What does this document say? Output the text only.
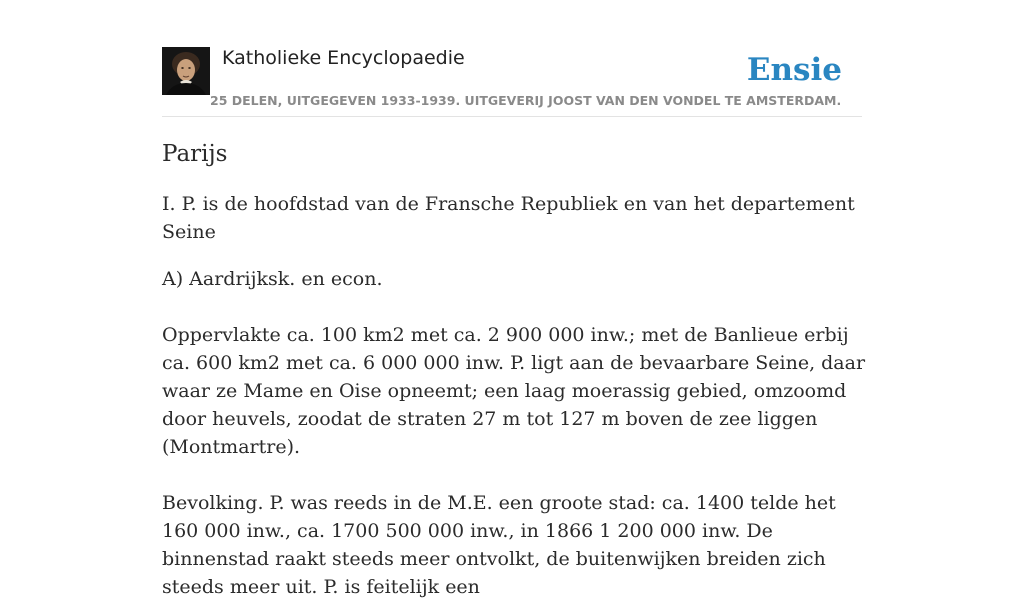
Katholieke Encyclopaedie	Ensie
25 DELEN, UITGEGEVEN 1933-1939. UITGEVERIJ JOOST VAN DEN VONDEL TE AMSTERDAM.
Parijs

I. P. is de hoofdstad van de Fransche Republiek en van het departement Seine

A) Aardrijksk. en econ.

Oppervlakte ca. 100 km2 met ca. 2 900 000 inw.; met de Banlieue erbij ca. 600 km2 met ca. 6 000 000 inw. P. ligt aan de bevaarbare Seine, daar waar ze Mame en Oise opneemt; een laag moerassig gebied, omzoomd door heuvels, zoodat de straten 27 m tot 127 m boven de zee liggen (Montmartre).

Bevolking. P. was reeds in de M.E. een groote stad: ca. 1400 telde het 160 000 inw., ca. 1700 500 000 inw., in 1866 1 200 000 inw. De binnenstad raakt steeds meer ontvolkt, de buitenwijken breiden zich steeds meer uit. P. is feitelijk een
